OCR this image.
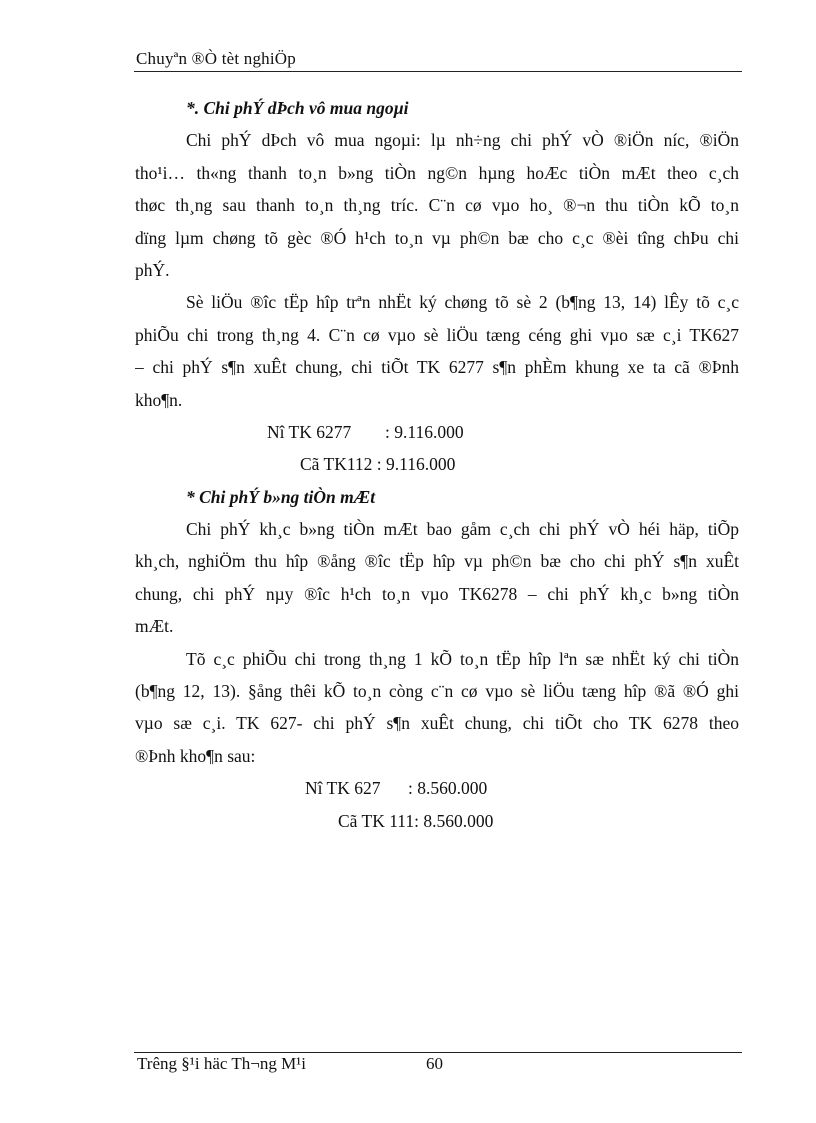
Chuyªn ®Ò tèt nghiÖp
*. Chi phÝ dÞch vô mua ngoµi
Chi phÝ dÞch vô mua ngoµi: lµ nh÷ng chi phÝ vÒ ®iÖn níc, ®iÖn
tho¹i… th«ng thanh to¸n b»ng tiÒn ng©n hµng hoÆc tiÒn mÆt theo c¸ch
thøc th¸ng sau thanh to¸n th¸ng tríc. C¨n cø vµo ho¸ ®¬n thu tiÒn kÕ to¸n
dïng lµm chøng tõ gèc ®Ó h¹ch to¸n vµ ph©n bæ cho c¸c ®èi tîng chÞu chi
phÝ.
Sè liÖu ®îc tËp hîp trªn nhËt ký chøng tõ sè 2 (b¶ng 13, 14) lÊy tõ c¸c
phiÕu chi trong th¸ng 4. C¨n cø vµo sè liÖu tæng céng ghi vµo sæ c¸i TK627
– chi phÝ s¶n xuÊt chung, chi tiÕt TK 6277 s¶n phÈm khung xe ta cã ®Þnh
kho¶n.
Nî TK 6277	: 9.116.000
Cã TK112 : 9.116.000
* Chi phÝ b»ng tiÒn mÆt
Chi phÝ kh¸c b»ng tiÒn mÆt bao gåm c¸ch chi phÝ vÒ héi häp, tiÕp
kh¸ch, nghiÖm thu hîp ®ång ®îc tËp hîp vµ ph©n bæ cho chi phÝ s¶n xuÊt
chung, chi phÝ nµy ®îc h¹ch to¸n vµo TK6278 – chi phÝ kh¸c b»ng tiÒn
mÆt.
Tõ c¸c phiÕu chi trong th¸ng 1 kÕ to¸n tËp hîp lªn sæ nhËt ký chi tiÒn
(b¶ng 12, 13). §ång thêi kÕ to¸n còng c¨n cø vµo sè liÖu tæng hîp ®ã ®Ó ghi
vµo sæ c¸i. TK 627- chi phÝ s¶n xuÊt chung, chi tiÕt cho TK 6278 theo
®Þnh kho¶n sau:
Nî TK 627	: 8.560.000
Cã TK 111: 8.560.000
Trêng §¹i häc Th¬ng M¹i	60
